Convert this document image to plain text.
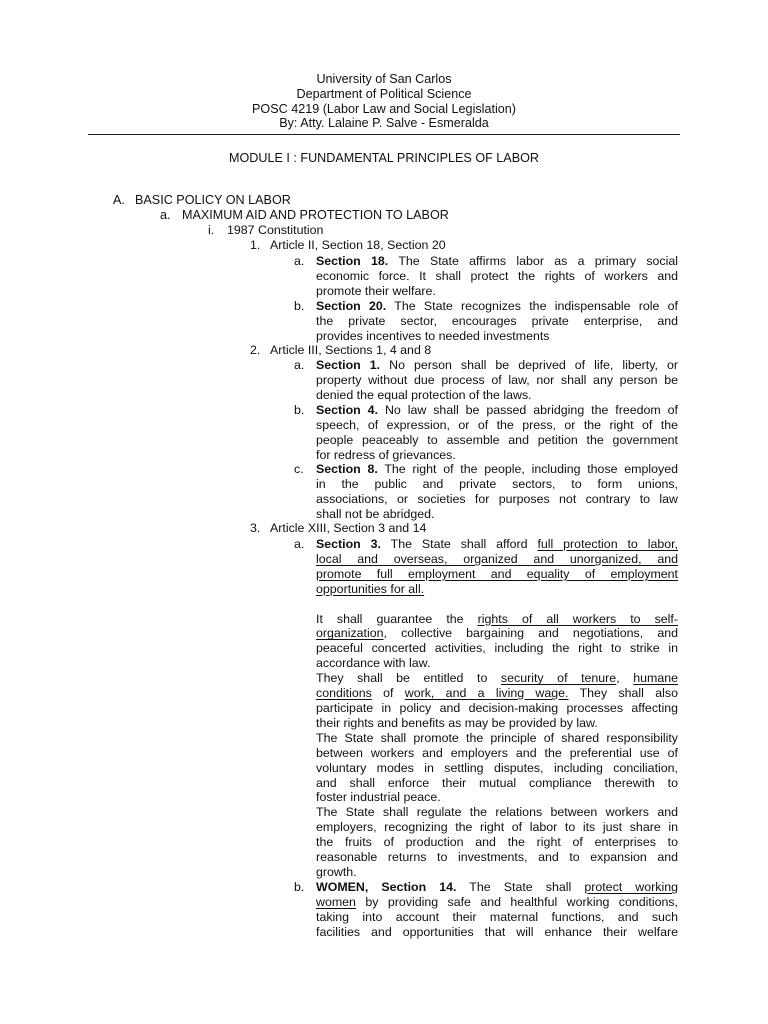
University of San Carlos
Department of Political Science
POSC 4219 (Labor Law and Social Legislation)
By: Atty. Lalaine P. Salve - Esmeralda
MODULE I : FUNDAMENTAL PRINCIPLES OF LABOR
A. BASIC POLICY ON LABOR
a. MAXIMUM AID AND PROTECTION TO LABOR
i. 1987 Constitution
1. Article II, Section 18, Section 20
a. Section 18. The State affirms labor as a primary social
economic force. It shall protect the rights of workers and
promote their welfare.
b. Section 20. The State recognizes the indispensable role of
the private sector, encourages private enterprise, and
provides incentives to needed investments
2. Article III, Sections 1, 4 and 8
a. Section 1. No person shall be deprived of life, liberty, or
property without due process of law, nor shall any person be
denied the equal protection of the laws.
b. Section 4. No law shall be passed abridging the freedom of
speech, of expression, or of the press, or the right of the
people peaceably to assemble and petition the government
for redress of grievances.
c. Section 8. The right of the people, including those employed
in the public and private sectors, to form unions,
associations, or societies for purposes not contrary to law
shall not be abridged.
3. Article XIII, Section 3 and 14
a. Section 3. The State shall afford full protection to labor,
local and overseas, organized and unorganized, and
promote full employment and equality of employment
opportunities for all.

It shall guarantee the rights of all workers to self-
organization, collective bargaining and negotiations, and
peaceful concerted activities, including the right to strike in
accordance with law.
They shall be entitled to security of tenure, humane
conditions of work, and a living wage. They shall also
participate in policy and decision-making processes affecting
their rights and benefits as may be provided by law.
The State shall promote the principle of shared responsibility
between workers and employers and the preferential use of
voluntary modes in settling disputes, including conciliation,
and shall enforce their mutual compliance therewith to
foster industrial peace.
The State shall regulate the relations between workers and
employers, recognizing the right of labor to its just share in
the fruits of production and the right of enterprises to
reasonable returns to investments, and to expansion and
growth.
b. WOMEN, Section 14. The State shall protect working
women by providing safe and healthful working conditions,
taking into account their maternal functions, and such
facilities and opportunities that will enhance their welfare
